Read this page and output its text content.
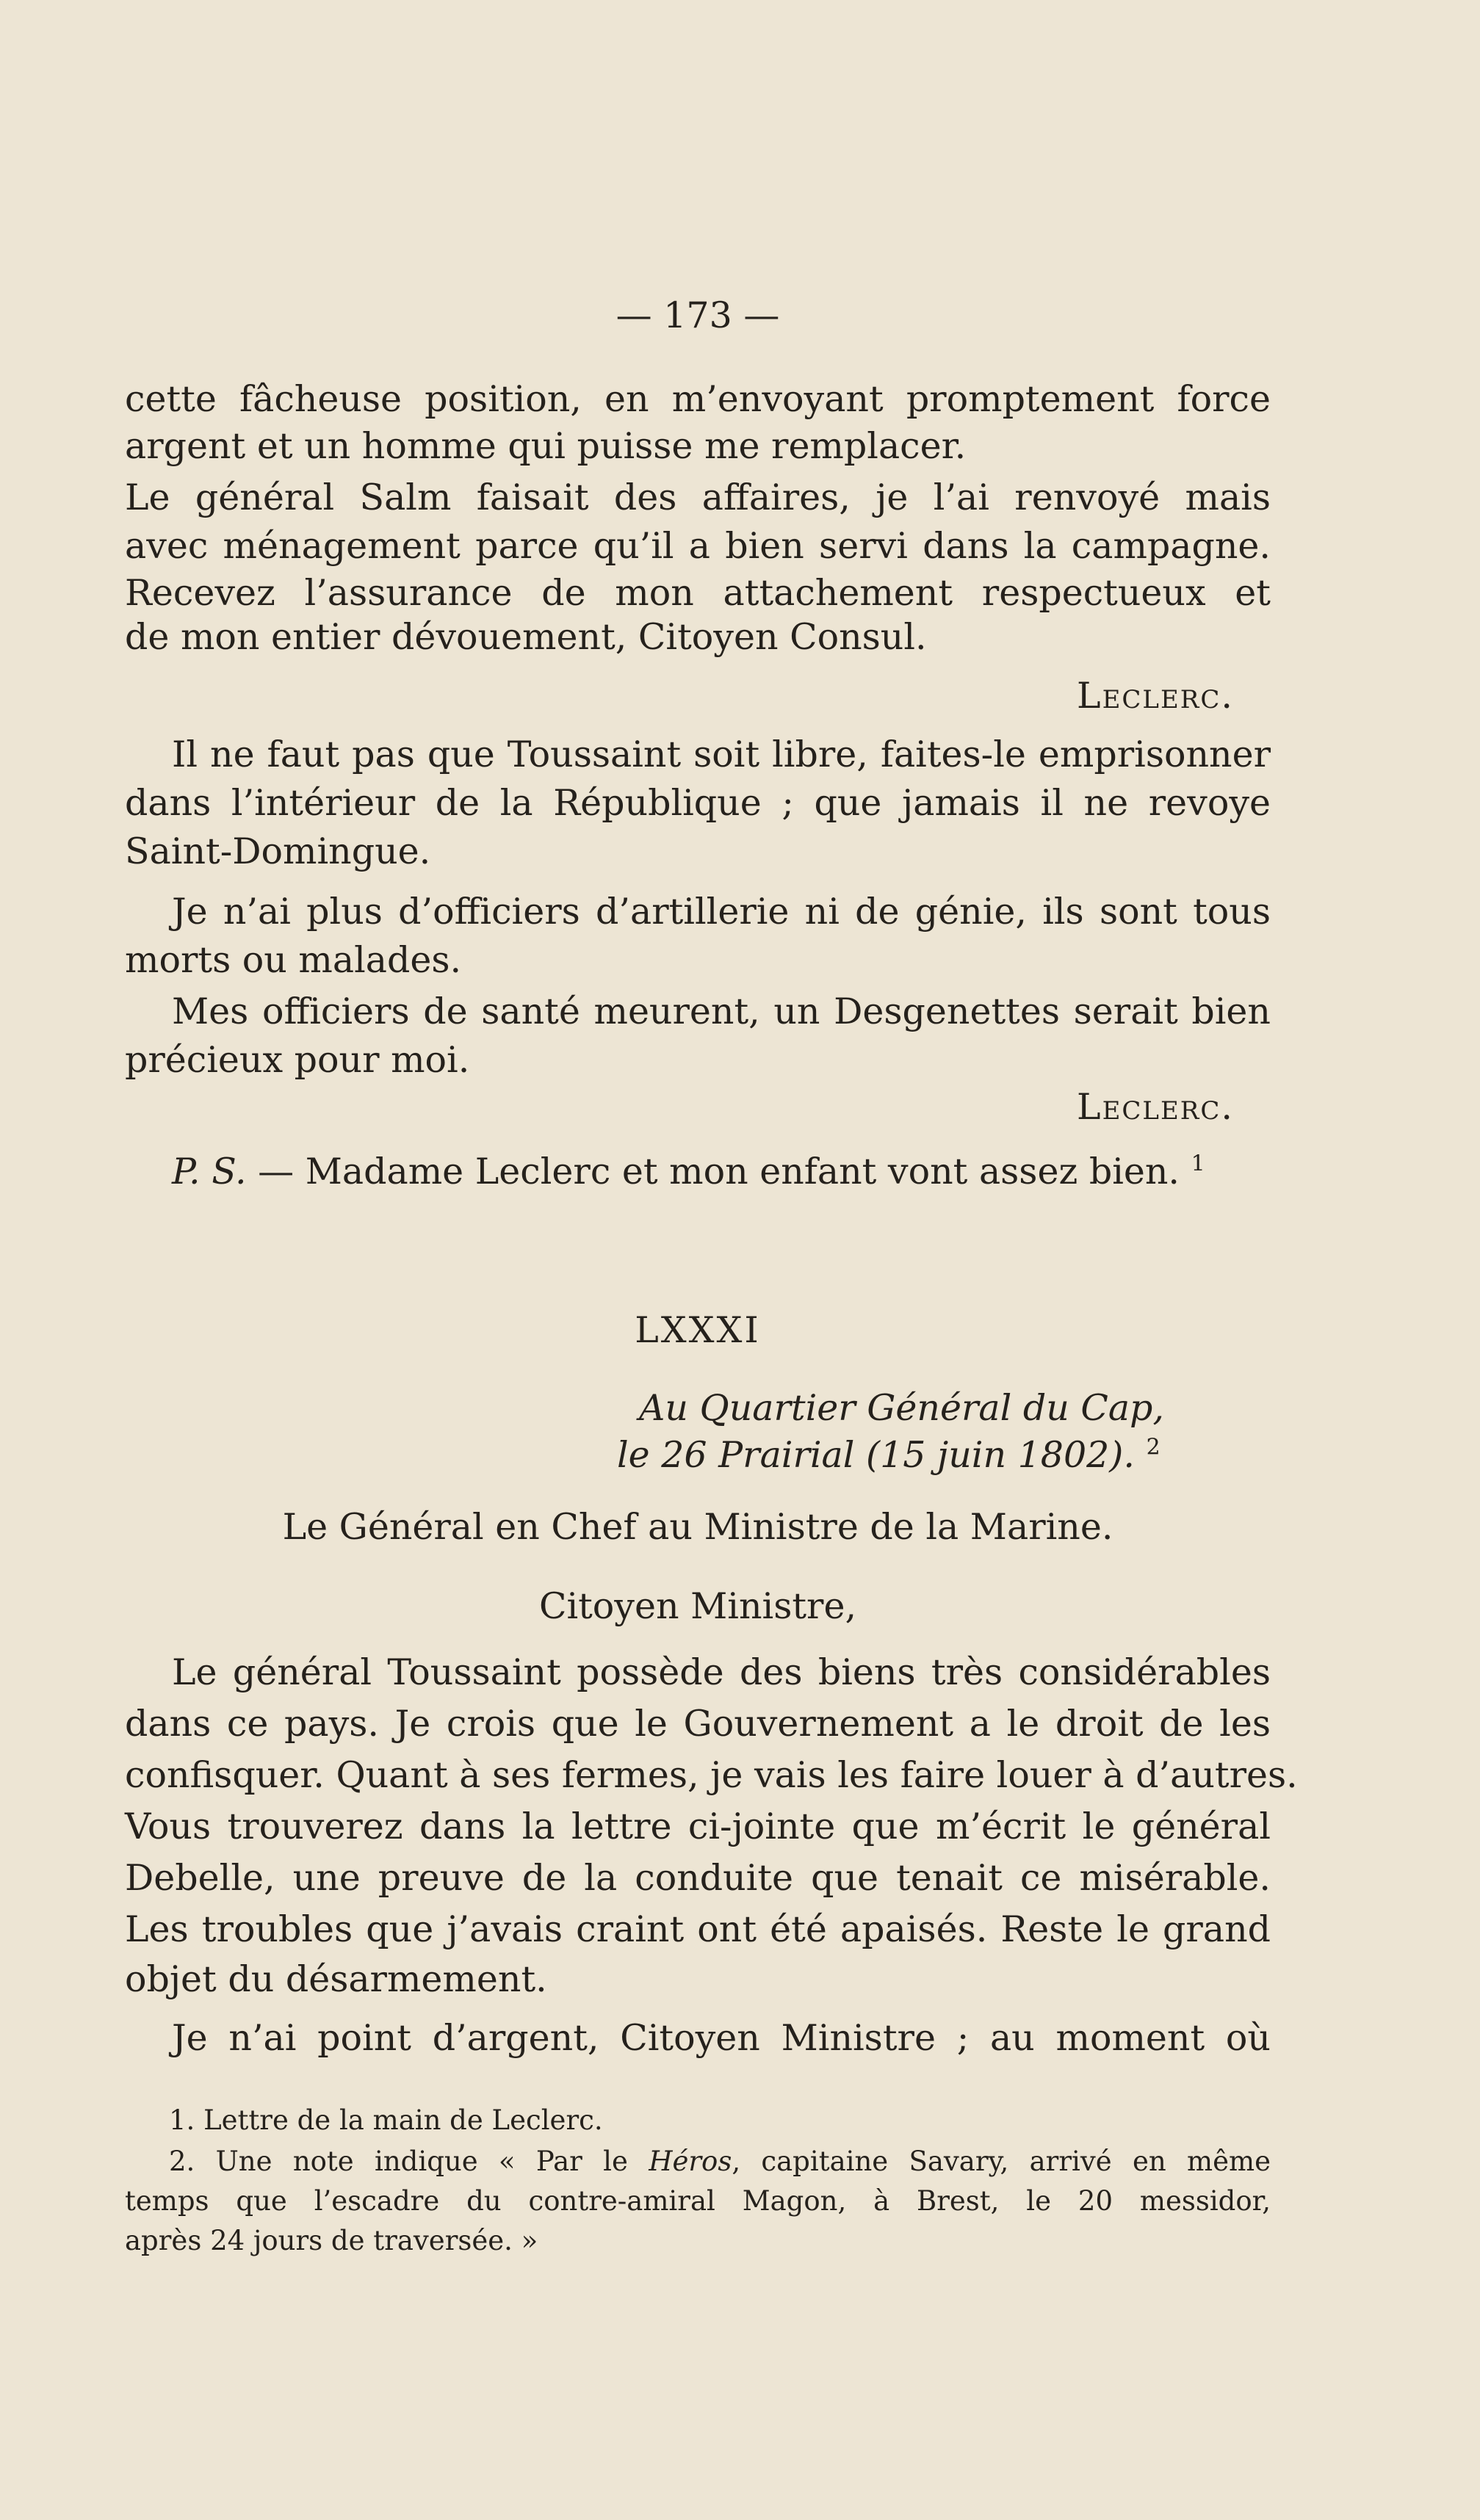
— 173 —
cette fâcheuse position, en m’envoyant promptement force
argent et un homme qui puisse me remplacer.
Le général Salm faisait des affaires, je l’ai renvoyé mais
avec ménagement parce qu’il a bien servi dans la campagne.
Recevez l’assurance de mon attachement respectueux et
de mon entier dévouement, Citoyen Consul.
Leclerc.
Il ne faut pas que Toussaint soit libre, faites-le emprisonner
dans l’intérieur de la République ; que jamais il ne revoye
Saint-Domingue.
Je n’ai plus d’officiers d’artillerie ni de génie, ils sont tous
morts ou malades.
Mes officiers de santé meurent, un Desgenettes serait bien
précieux pour moi.
Leclerc.
P. S. — Madame Leclerc et mon enfant vont assez bien. $^1$
LXXXI
Au Quartier Général du Cap,
le 26 Prairial (15 juin 1802). $^2$
Le Général en Chef au Ministre de la Marine.
Citoyen Ministre,
Le général Toussaint possède des biens très considérables
dans ce pays. Je crois que le Gouvernement a le droit de les
confisquer. Quant à ses fermes, je vais les faire louer à d’autres.
Vous trouverez dans la lettre ci-jointe que m’écrit le général
Debelle, une preuve de la conduite que tenait ce misérable.
Les troubles que j’avais craint ont été apaisés. Reste le grand
objet du désarmement.
Je n’ai point d’argent, Citoyen Ministre ; au moment où
1. Lettre de la main de Leclerc.
2. Une note indique « Par le Héros, capitaine Savary, arrivé en même
temps que l’escadre du contre-amiral Magon, à Brest, le 20 messidor,
après 24 jours de traversée. »
